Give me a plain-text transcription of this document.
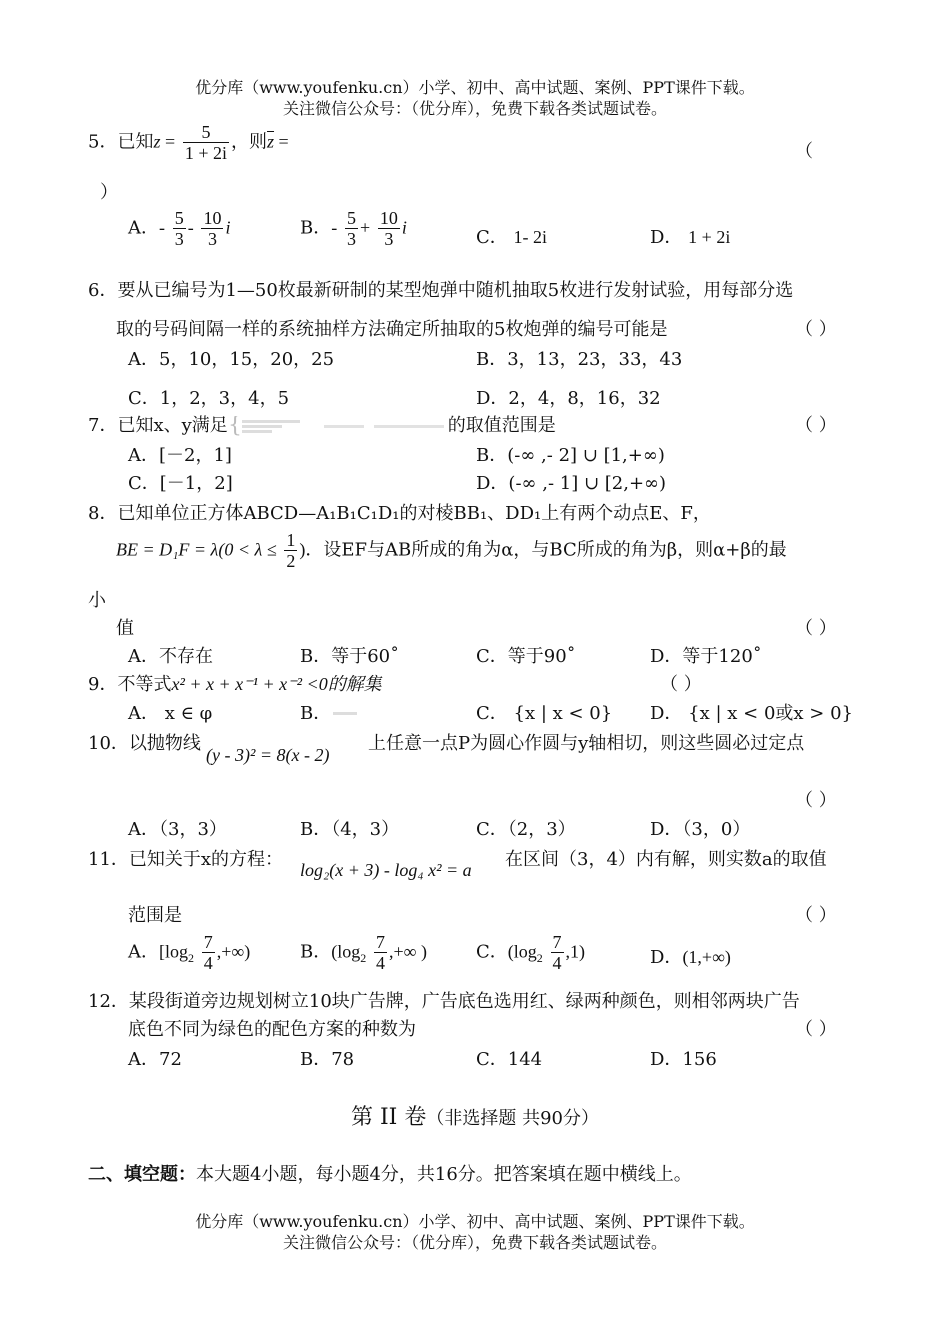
优分库（www.youfenku.cn）小学、初中、高中试题、案例、PPT课件下载。
关注微信公众号：（优分库），免费下载各类试题试卷。
5．已知$z = \frac{5}{1 + 2i}$ ，则$\overline{z}$ =	（
）
A．- $\frac{5}{3} - \frac{10}{3}$ i	B．- $\frac{5}{3} + \frac{10}{3}$ i	C． 1- 2i	D． 1 + 2i
6．要从已编号为1—50枚最新研制的某型炮弹中随机抽取5枚进行发射试验，用每部分选
取的号码间隔一样的系统抽样方法确定所抽取的5枚炮弹的编号可能是	（ ）
A．5，10，15，20，25	B．3，13，23，33，43
C．1，2，3，4，5	D．2，4，8，16，32
7．已知x、y满足 {	的取值范围是	（ ）
A．[－2，1]	B．(-∞ ,- 2] ∪ [1,+∞)
C．[－1，2]	D．(-∞ ,- 1] ∪ [2,+∞)
8．已知单位正方体ABCD—A₁B₁C₁D₁的对棱BB₁、DD₁上有两个动点E、F，
BE = $D_1F = \lambda(0 < \lambda \le \frac{1}{2}$ )．设EF与AB所成的角为α，与BC所成的角为β，则α+β的最
小
值	（ ）
A．不存在	B．等于60˚	C．等于90˚	D．等于120˚
9．不等式x² + x + x⁻¹ + x⁻² <0的解集	（ ）
A． x ∈ φ	B．	C． {x | x < 0} D． {x | x < 0或x > 0}
10．以抛物线
(y - 3)² = 8(x - 2)
上任意一点P为圆心作圆与y轴相切，则这些圆必过定点
（ ）
A．（3，3）	B．（4，3）	C．（2，3）	D．（3，0）
11．已知关于x的方程： log₂(x + 3) - log₄ x² = a 在区间（3，4）内有解，则实数a的取值
范围是	（ ）
A．[$\log_2 \frac{7}{4}$ ,+∞)	B．($\log_2 \frac{7}{4}$ ,+∞ )	C．$(\log_2 \frac{7}{4} ,1)$	D．(1,+∞)
12．某段街道旁边规划树立10块广告牌，广告底色选用红、绿两种颜色，则相邻两块广告
底色不同为绿色的配色方案的种数为	（ ）
A．72	B．78	C．144	D．156
第 II 卷（非选择题 共90分）
二、填空题：本大题4小题，每小题4分，共16分。把答案填在题中横线上。
优分库（www.youfenku.cn）小学、初中、高中试题、案例、PPT课件下载。
关注微信公众号：（优分库），免费下载各类试题试卷。
